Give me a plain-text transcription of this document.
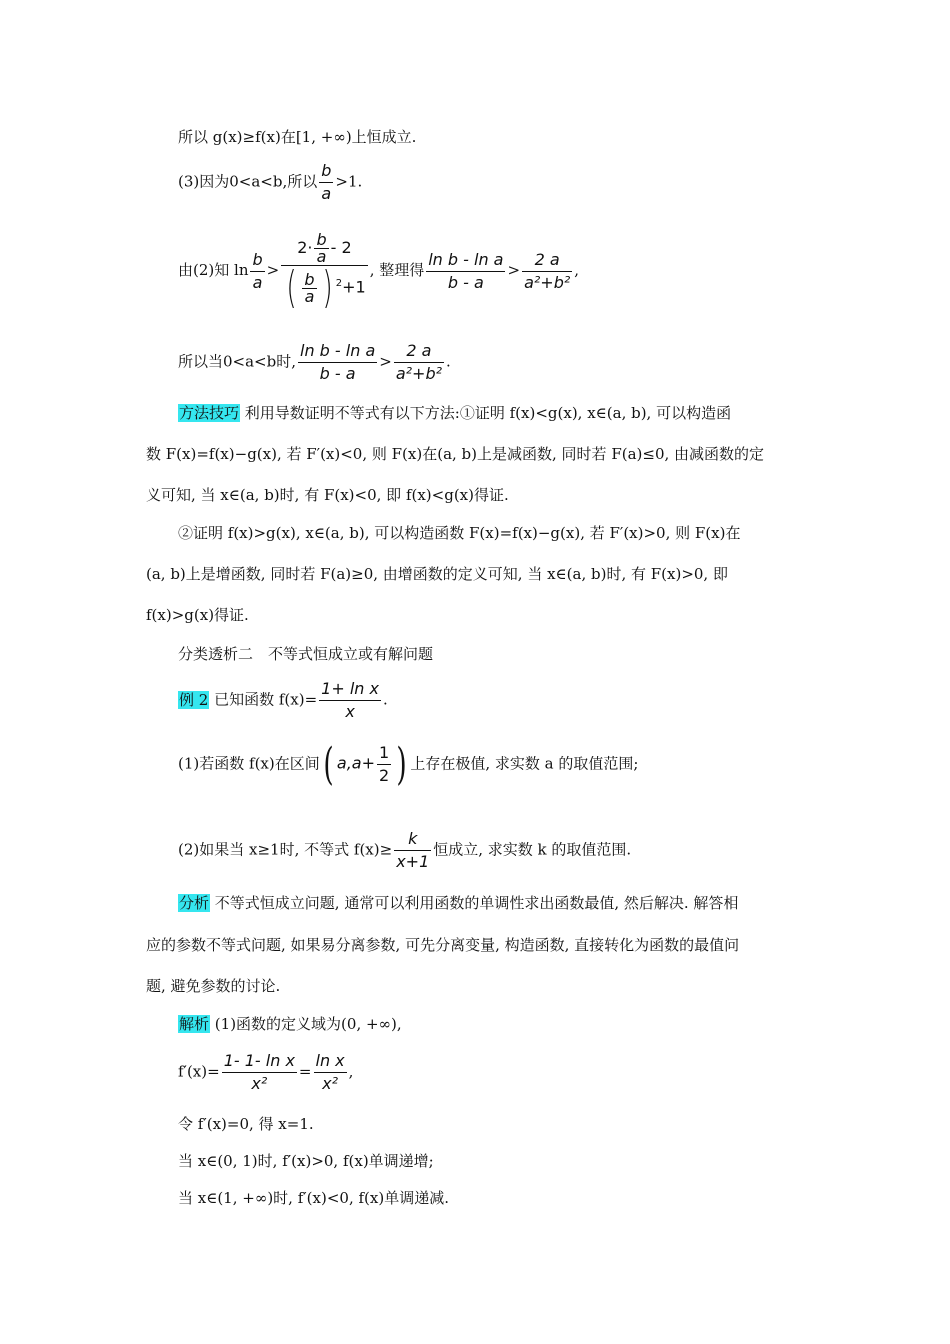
所以 g(x)≥f(x)在[1, +∞)上恒成立.
(3)因为0<a<b,所以 $\frac{b}{a} >1$.
由(2)知 $\ln \frac{b}{a} > \frac{2\cdot \frac{b}{a} - 2}{( \frac{b}{a} ) ^2+1}$ , 整理得 $\frac{\text{ln b - ln a}}{b - a} > \frac{2 a}{\text{a²+b²}}$ ,
所以当0<a<b时, $\frac{\text{ln b - ln a}}{b - a} > \frac{2 a}{\text{a²+b²}}$ .
方法技巧 利用导数证明不等式有以下方法:①证明 f(x)<g(x), x∈(a, b), 可以构造函
数 F(x)=f(x)−g(x), 若 F′(x)<0, 则 F(x)在(a, b)上是减函数, 同时若 F(a)≤0, 由减函数的定
义可知, 当 x∈(a, b)时, 有 F(x)<0, 即 f(x)<g(x)得证.
②证明 f(x)>g(x), x∈(a, b), 可以构造函数 F(x)=f(x)−g(x), 若 F′(x)>0, 则 F(x)在
(a, b)上是增函数, 同时若 F(a)≥0, 由增函数的定义可知, 当 x∈(a, b)时, 有 F(x)>0, 即
f(x)>g(x)得证.
分类透析二　不等式恒成立或有解问题
例 2 已知函数 $f(x)= \frac{\text{1+ ln x}}{x}$ .
(1)若函数 f(x)在区间( $a,a+ \frac{1}{2}$ ) 上存在极值, 求实数 a 的取值范围;
(2)如果当 x≥1时, 不等式 $f(x)\ge \frac{k}{x+1}$ 恒成立, 求实数 k 的取值范围.
分析 不等式恒成立问题, 通常可以利用函数的单调性求出函数最值, 然后解决. 解答相
应的参数不等式问题, 如果易分离参数, 可先分离变量, 构造函数, 直接转化为函数的最值问
题, 避免参数的讨论.
解析 (1)函数的定义域为(0, +∞),
$f'(x)= \frac{\text{1- 1- ln x}}{\text{x²}} = \frac{\text{ln x}}{\text{x²}}$ ,
令 f′(x)=0, 得 x=1.
当 x∈(0, 1)时, f′(x)>0, f(x)单调递增;
当 x∈(1, +∞)时, f′(x)<0, f(x)单调递减.
